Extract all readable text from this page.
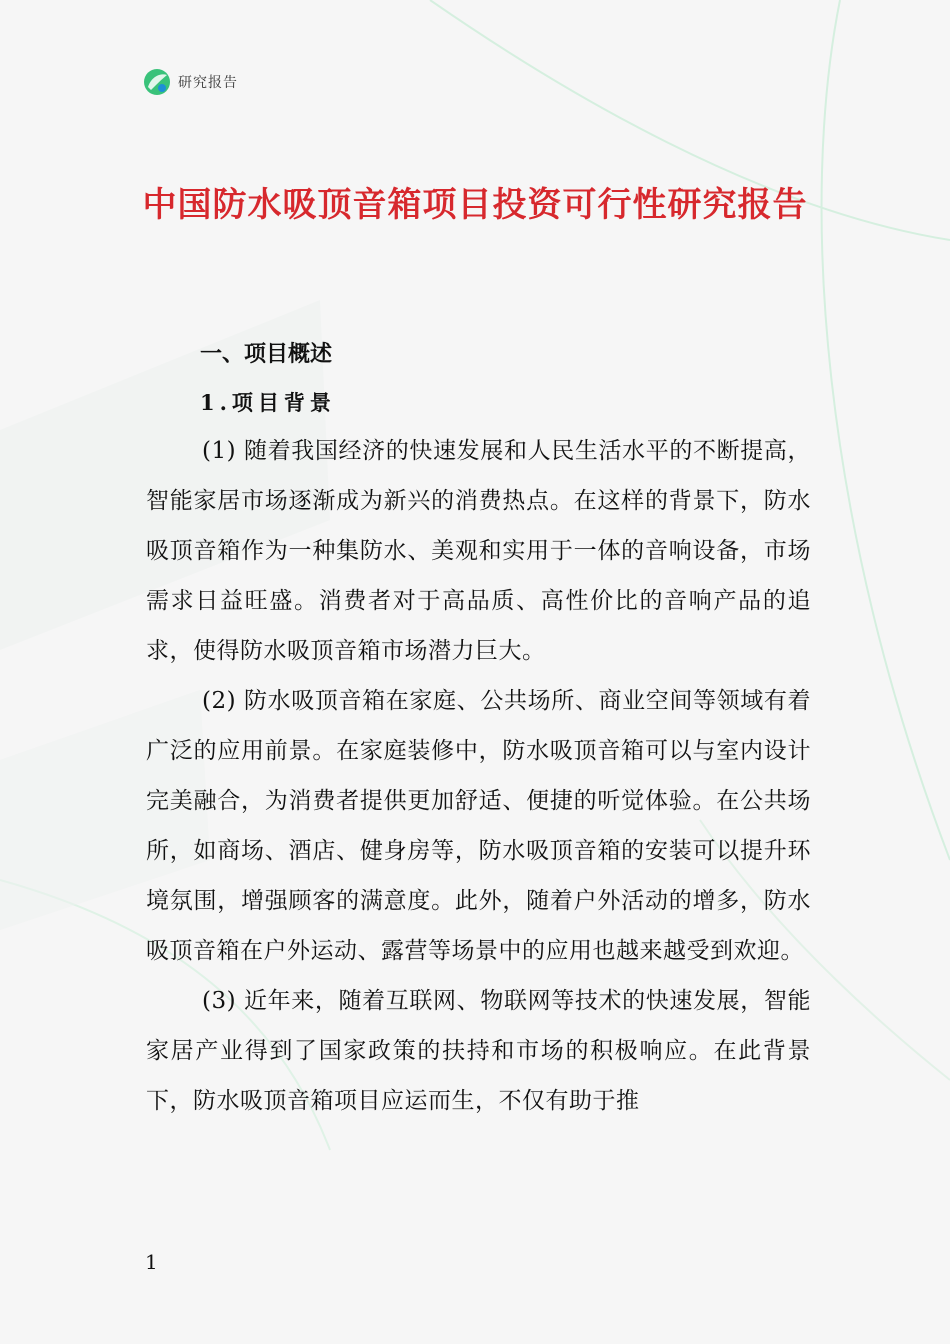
研究报告
中国防水吸顶音箱项目投资可行性研究报告
一、项目概述
1.项目背景

(1) 随着我国经济的快速发展和人民生活水平的不断提高，智能家居市场逐渐成为新兴的消费热点。在这样的背景下，防水吸顶音箱作为一种集防水、美观和实用于一体的音响设备，市场需求日益旺盛。消费者对于高品质、高性价比的音响产品的追求，使得防水吸顶音箱市场潜力巨大。

(2) 防水吸顶音箱在家庭、公共场所、商业空间等领域有着广泛的应用前景。在家庭装修中，防水吸顶音箱可以与室内设计完美融合，为消费者提供更加舒适、便捷的听觉体验。在公共场所，如商场、酒店、健身房等，防水吸顶音箱的安装可以提升环境氛围，增强顾客的满意度。此外，随着户外活动的增多，防水吸顶音箱在户外运动、露营等场景中的应用也越来越受到欢迎。

(3) 近年来，随着互联网、物联网等技术的快速发展，智能家居产业得到了国家政策的扶持和市场的积极响应。在此背景下，防水吸顶音箱项目应运而生，不仅有助于推

1
